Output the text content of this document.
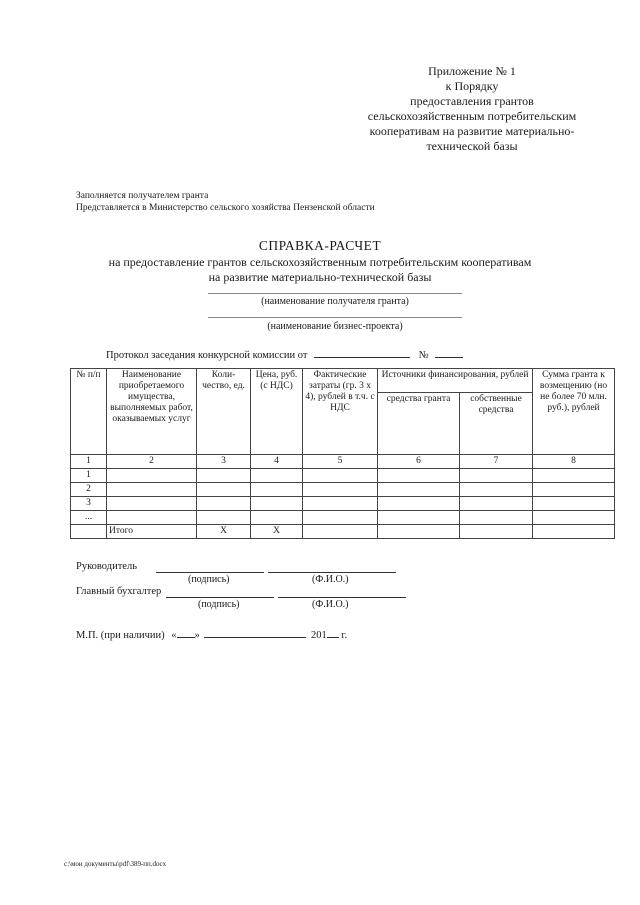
Приложение № 1
к Порядку
предоставления грантов
сельскохозяйственным потребительским
кооперативам на развитие материально-
технической базы
Заполняется получателем гранта
Представляется в Министерство сельского хозяйства Пензенской области
СПРАВКА-РАСЧЕТ
на предоставление грантов сельскохозяйственным потребительским кооперативам
на развитие материально-технической базы
(наименование получателя гранта)
(наименование бизнес-проекта)
Протокол заседания конкурсной комиссии от	№
№ п/п	Наименование приобретаемого имущества, выполняемых работ, оказываемых услуг	Коли-чество, ед.	Цена, руб. (с НДС)	Фактические затраты (гр. 3 x 4), рублей в т.ч. с НДС	Источники финансирования, рублей		Сумма гранта к возмещению (но не более 70 млн. руб.), рублей
					средства гранта	собственные средства	
1	2	3	4	5	6	7	8
1							
2							
3							
...							
	Итого	X	X				
Руководитель
(подпись)	(Ф.И.О.)
Главный бухгалтер
(подпись)	(Ф.И.О.)
М.П. (при наличии) « »	201 г.
c:\мои документы\pdf\389-пп.docx
